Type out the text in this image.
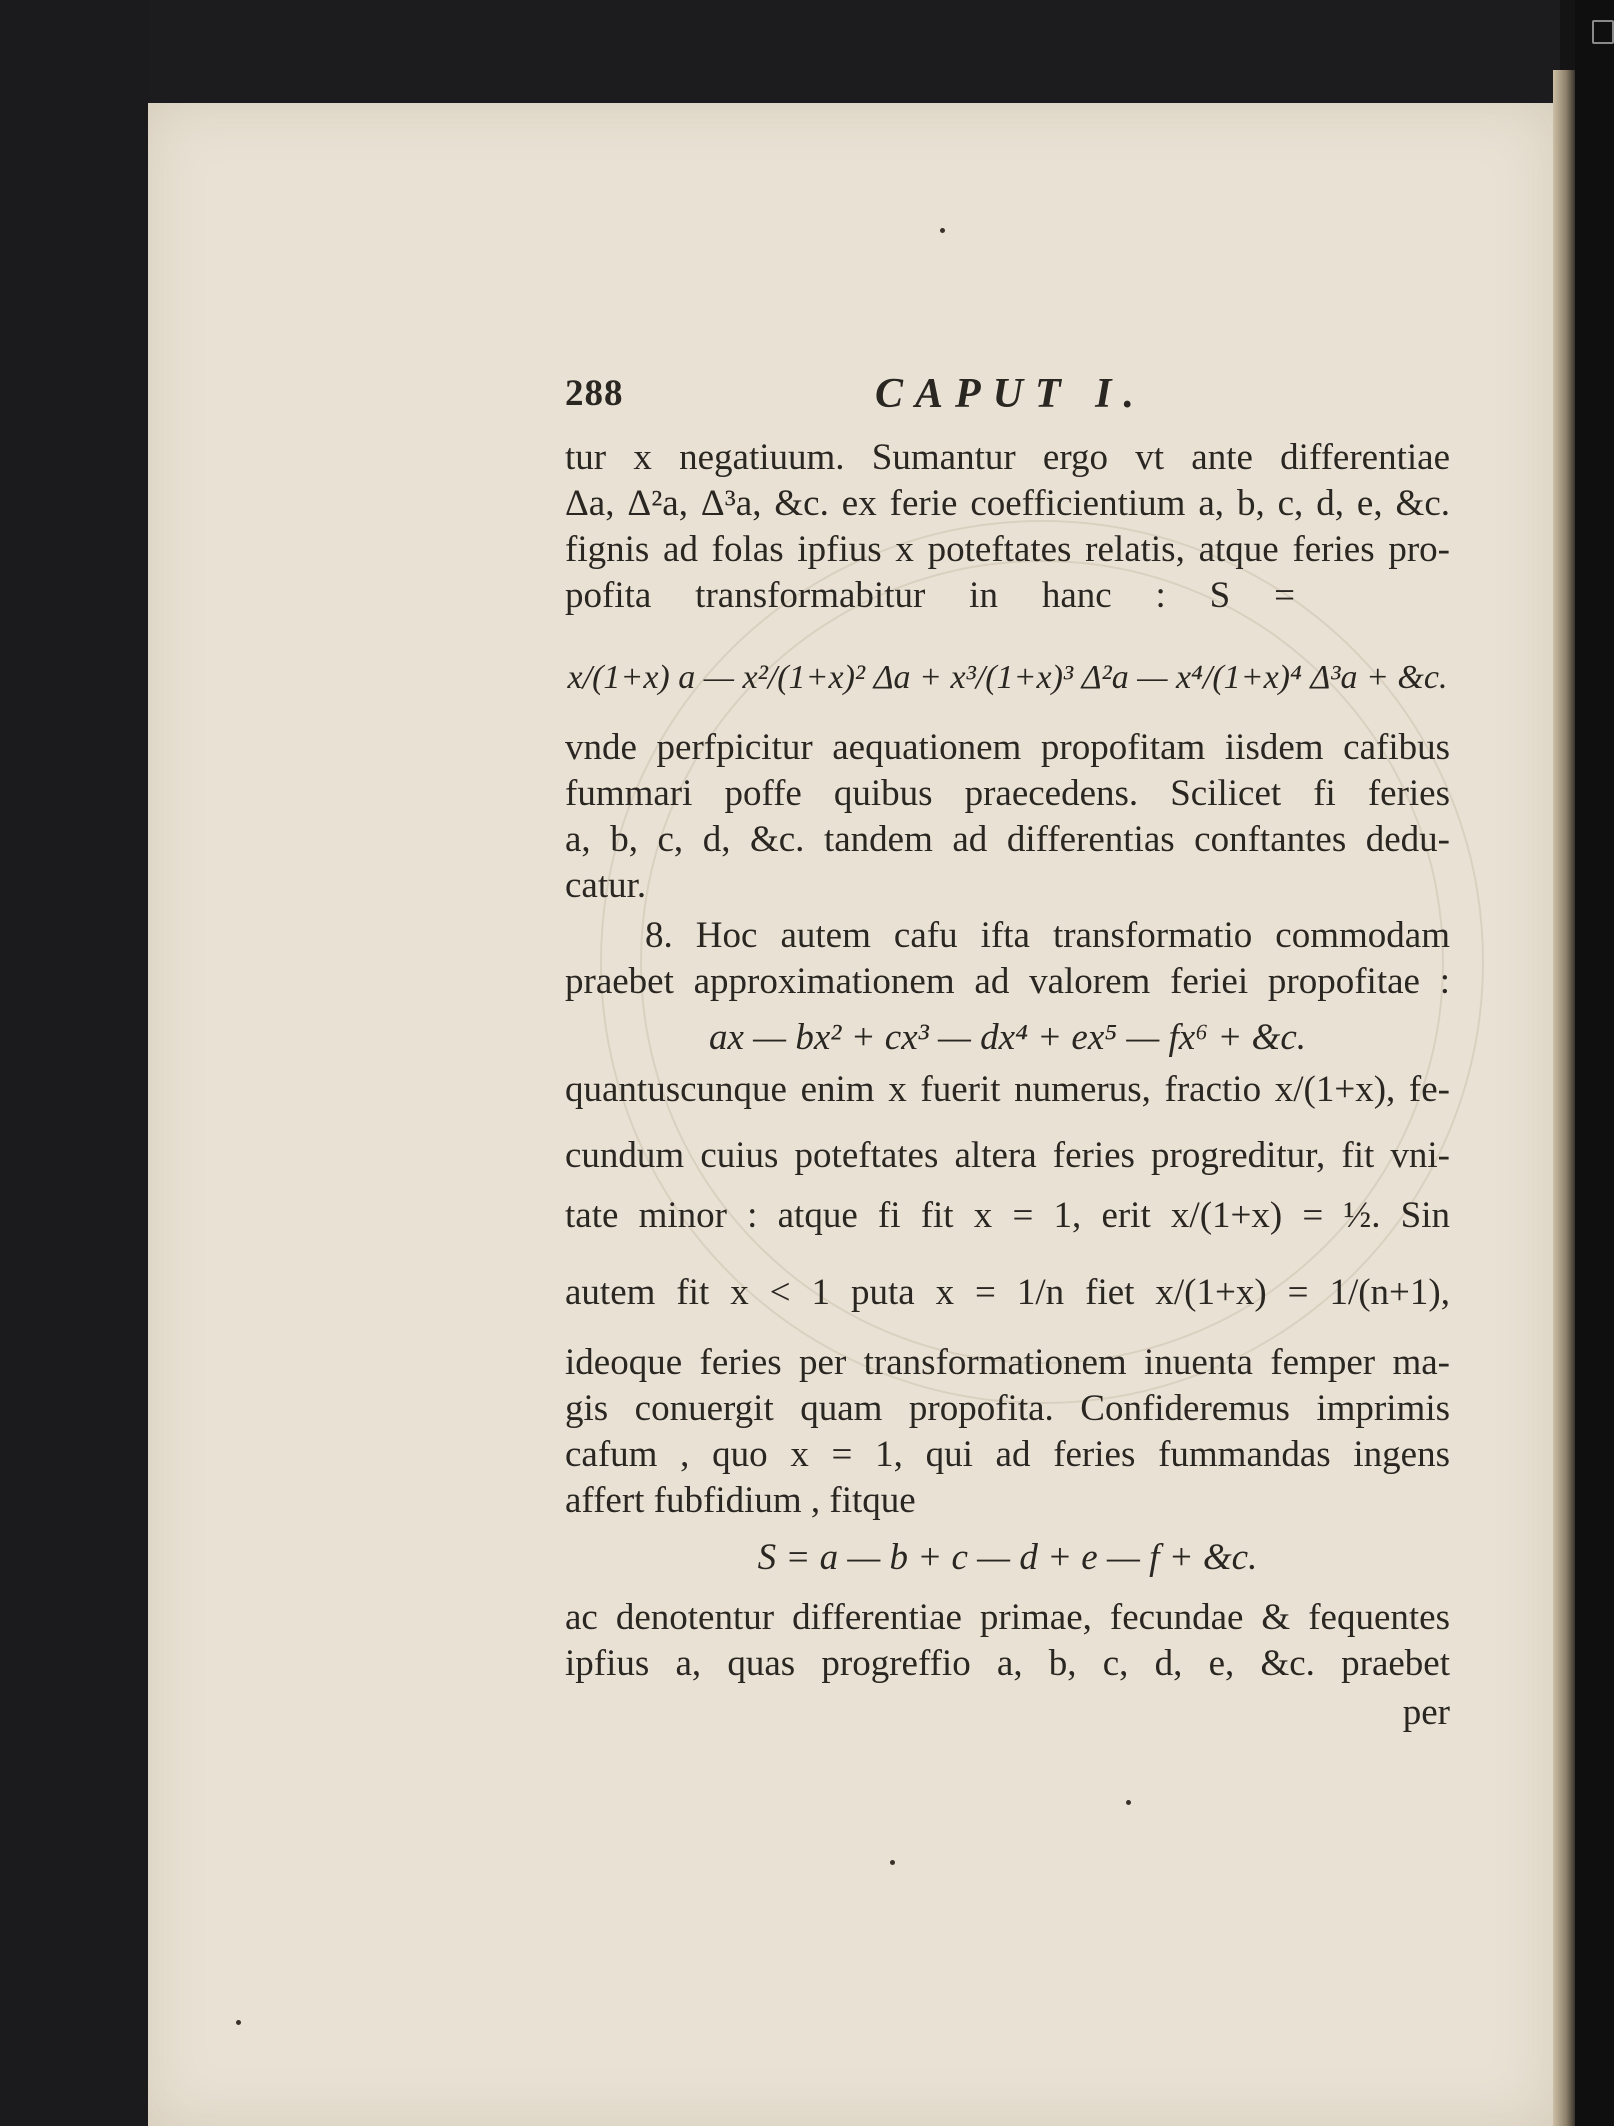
288	CAPUT I.
tur x negatiuum. Sumantur ergo vt ante differentiae
Δa, Δ²a, Δ³a, &c. ex ferie coefficientium a, b, c, d, e, &c.
fignis ad folas ipfius x poteftates relatis, atque feries pro-
pofita transformabitur in hanc : S =
x/(1+x) a — x²/(1+x)² Δa + x³/(1+x)³ Δ²a — x⁴/(1+x)⁴ Δ³a + &c.
vnde perfpicitur aequationem propofitam iisdem cafibus
fummari poffe quibus praecedens. Scilicet fi feries
a, b, c, d, &c. tandem ad differentias conftantes dedu-
catur.
8. Hoc autem cafu ifta transformatio commodam
praebet approximationem ad valorem feriei propofitae :
ax — bx² + cx³ — dx⁴ + ex⁵ — fx⁶ + &c.
quantuscunque enim x fuerit numerus, fractio x/(1+x), fe-
cundum cuius poteftates altera feries progreditur, fit vni-
tate minor : atque fi fit x = 1, erit x/(1+x) = ½. Sin
autem fit x < 1 puta x = 1/n fiet x/(1+x) = 1/(n+1),
ideoque feries per transformationem inuenta femper ma-
gis conuergit quam propofita. Confideremus imprimis
cafum , quo x = 1, qui ad feries fummandas ingens
affert fubfidium , fitque
S = a — b + c — d + e — f + &c.
ac denotentur differentiae primae, fecundae & fequentes
ipfius a, quas progreffio a, b, c, d, e, &c. praebet
per
